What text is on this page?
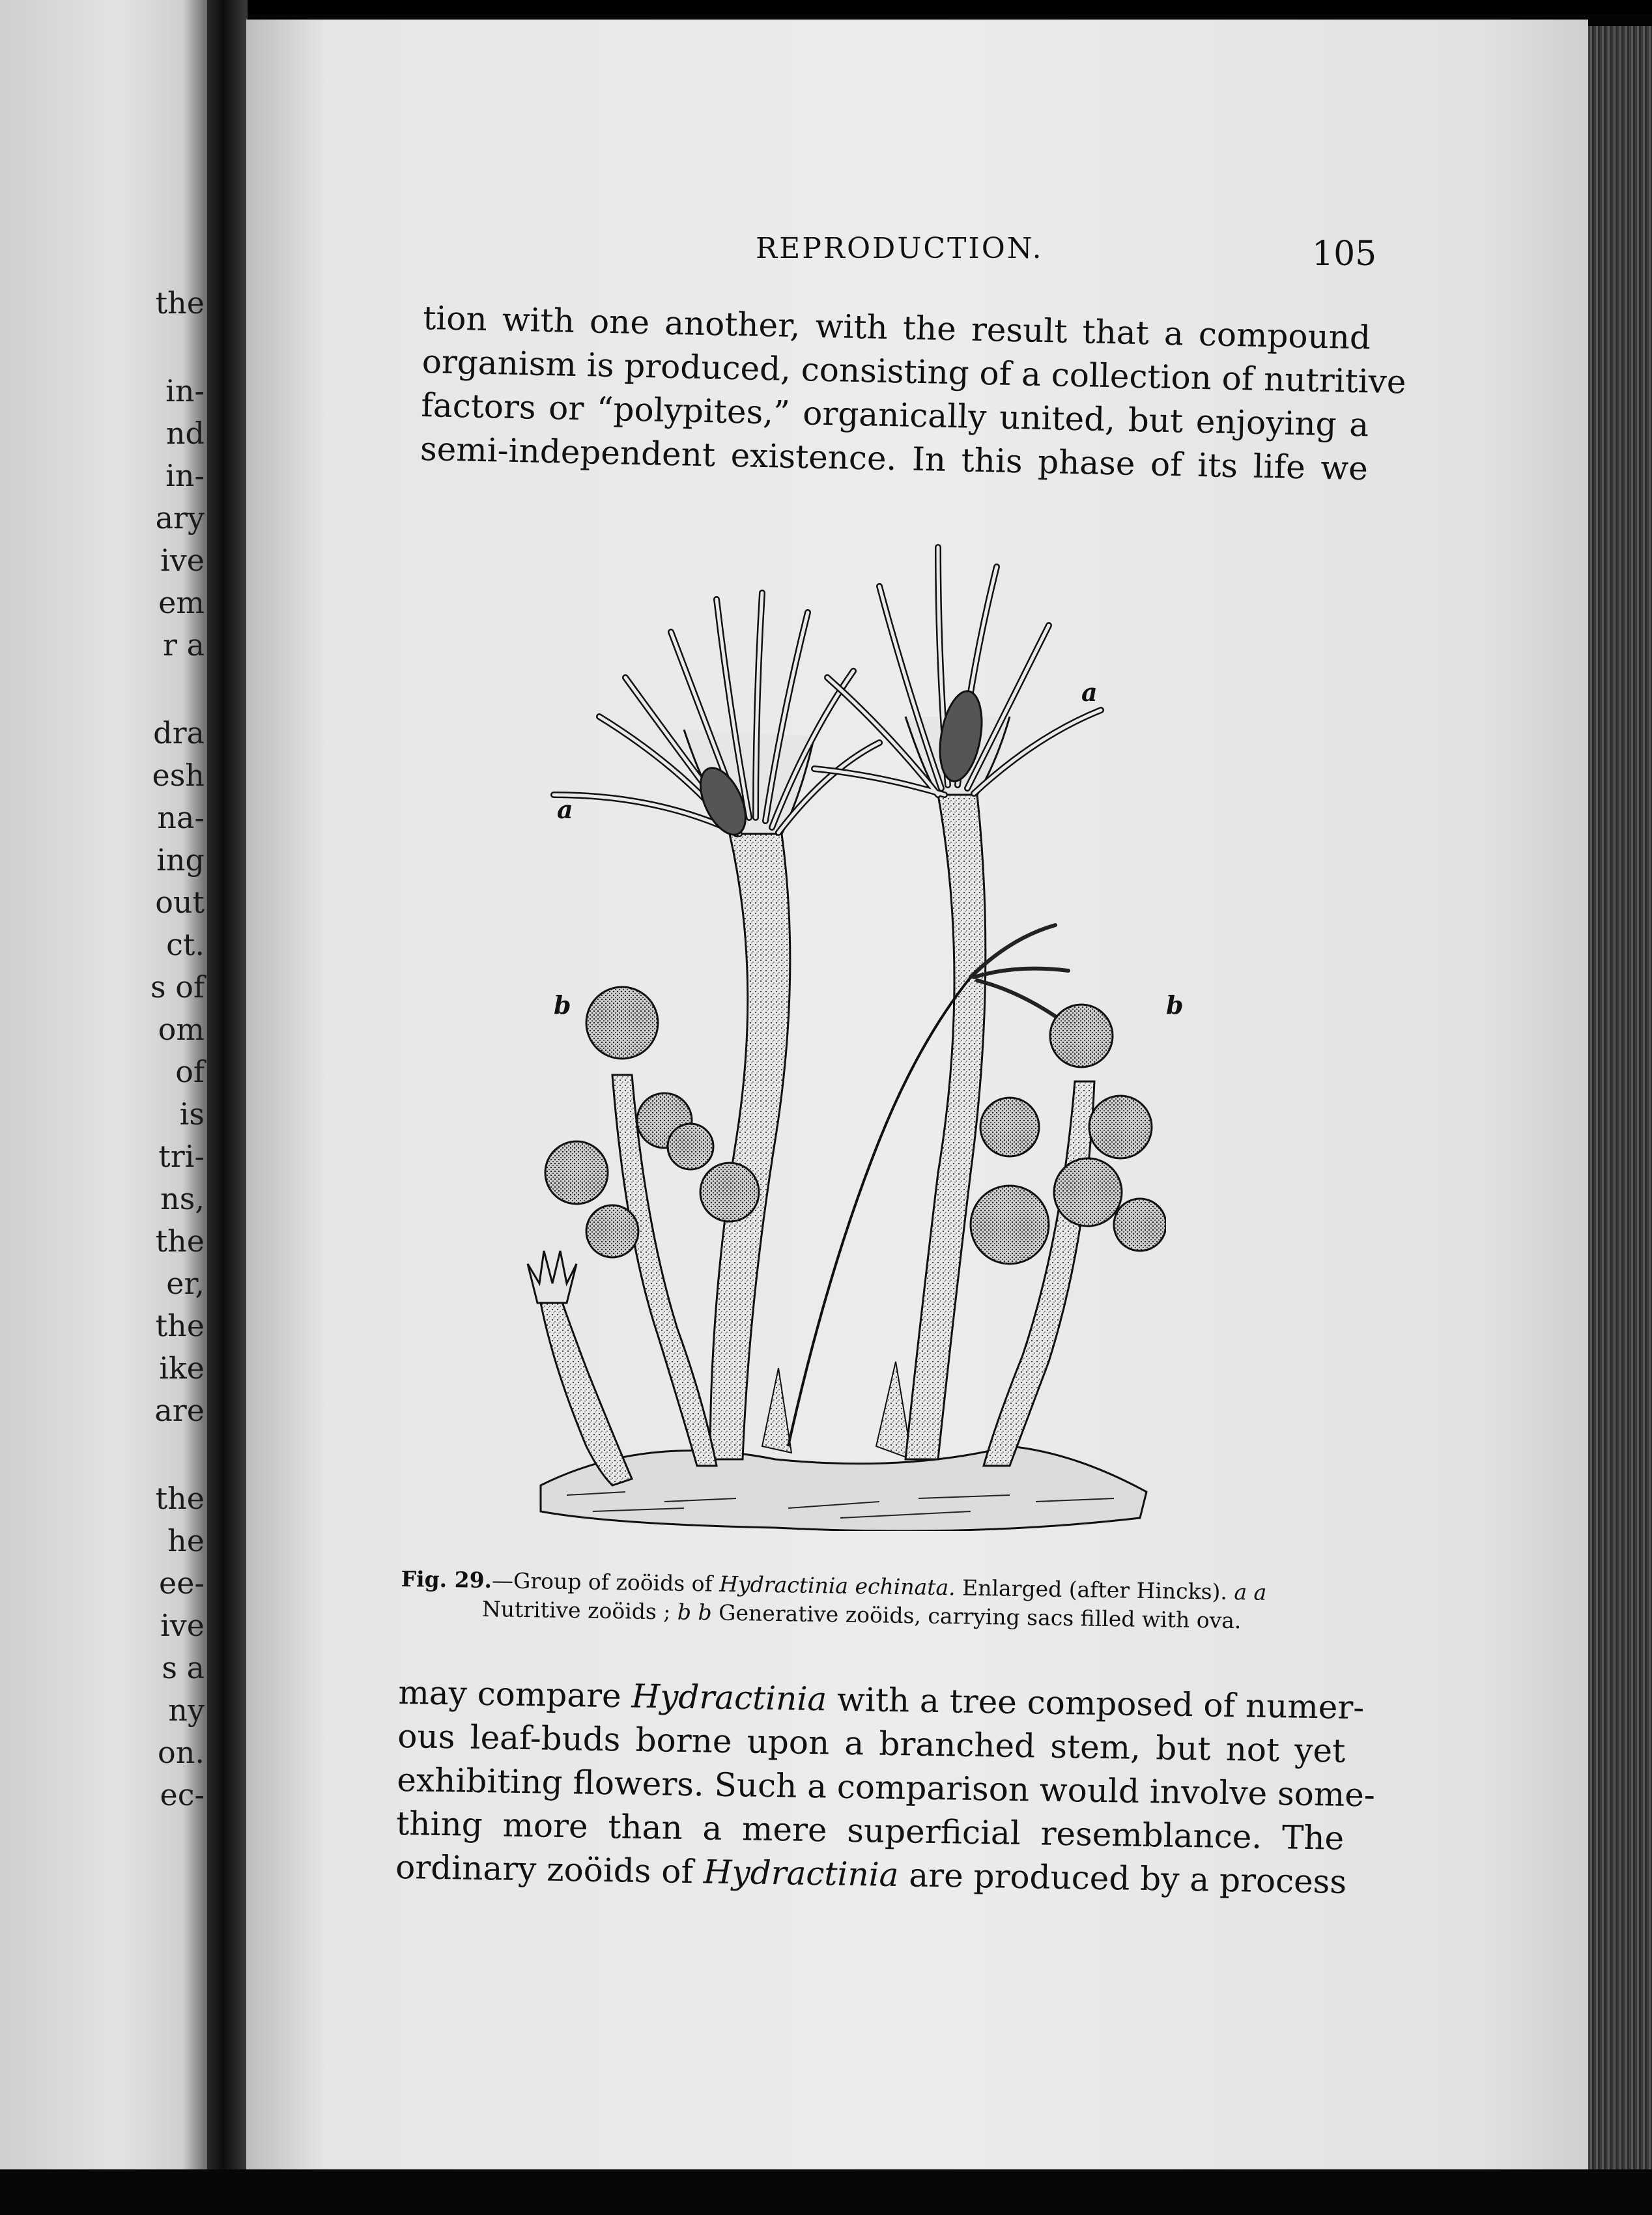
the
in-
nd
in-
ary
ive
em
r a
dra
esh
na-
ing
out
ct.
s of
om
of
is
tri-
ns,
the
er,
the
ike
are
the
he
ee-
ive
s a
ny
on.
ec-
REPRODUCTION.	105
tion with one another, with the result that a compound
organism is produced, consisting of a collection of nutritive
factors or “polypites,” organically united, but enjoying a
semi-independent existence. In this phase of its life we
a
a
b	b
Fig. 29.—Group of zoöids of Hydractinia echinata. Enlarged (after Hincks). a a
Nutritive zoöids ; b b Generative zoöids, carrying sacs filled with ova.
may compare Hydractinia with a tree composed of numer-
ous leaf-buds borne upon a branched stem, but not yet
exhibiting flowers. Such a comparison would involve some-
thing more than a mere superficial resemblance. The
ordinary zoöids of Hydractinia are produced by a process
